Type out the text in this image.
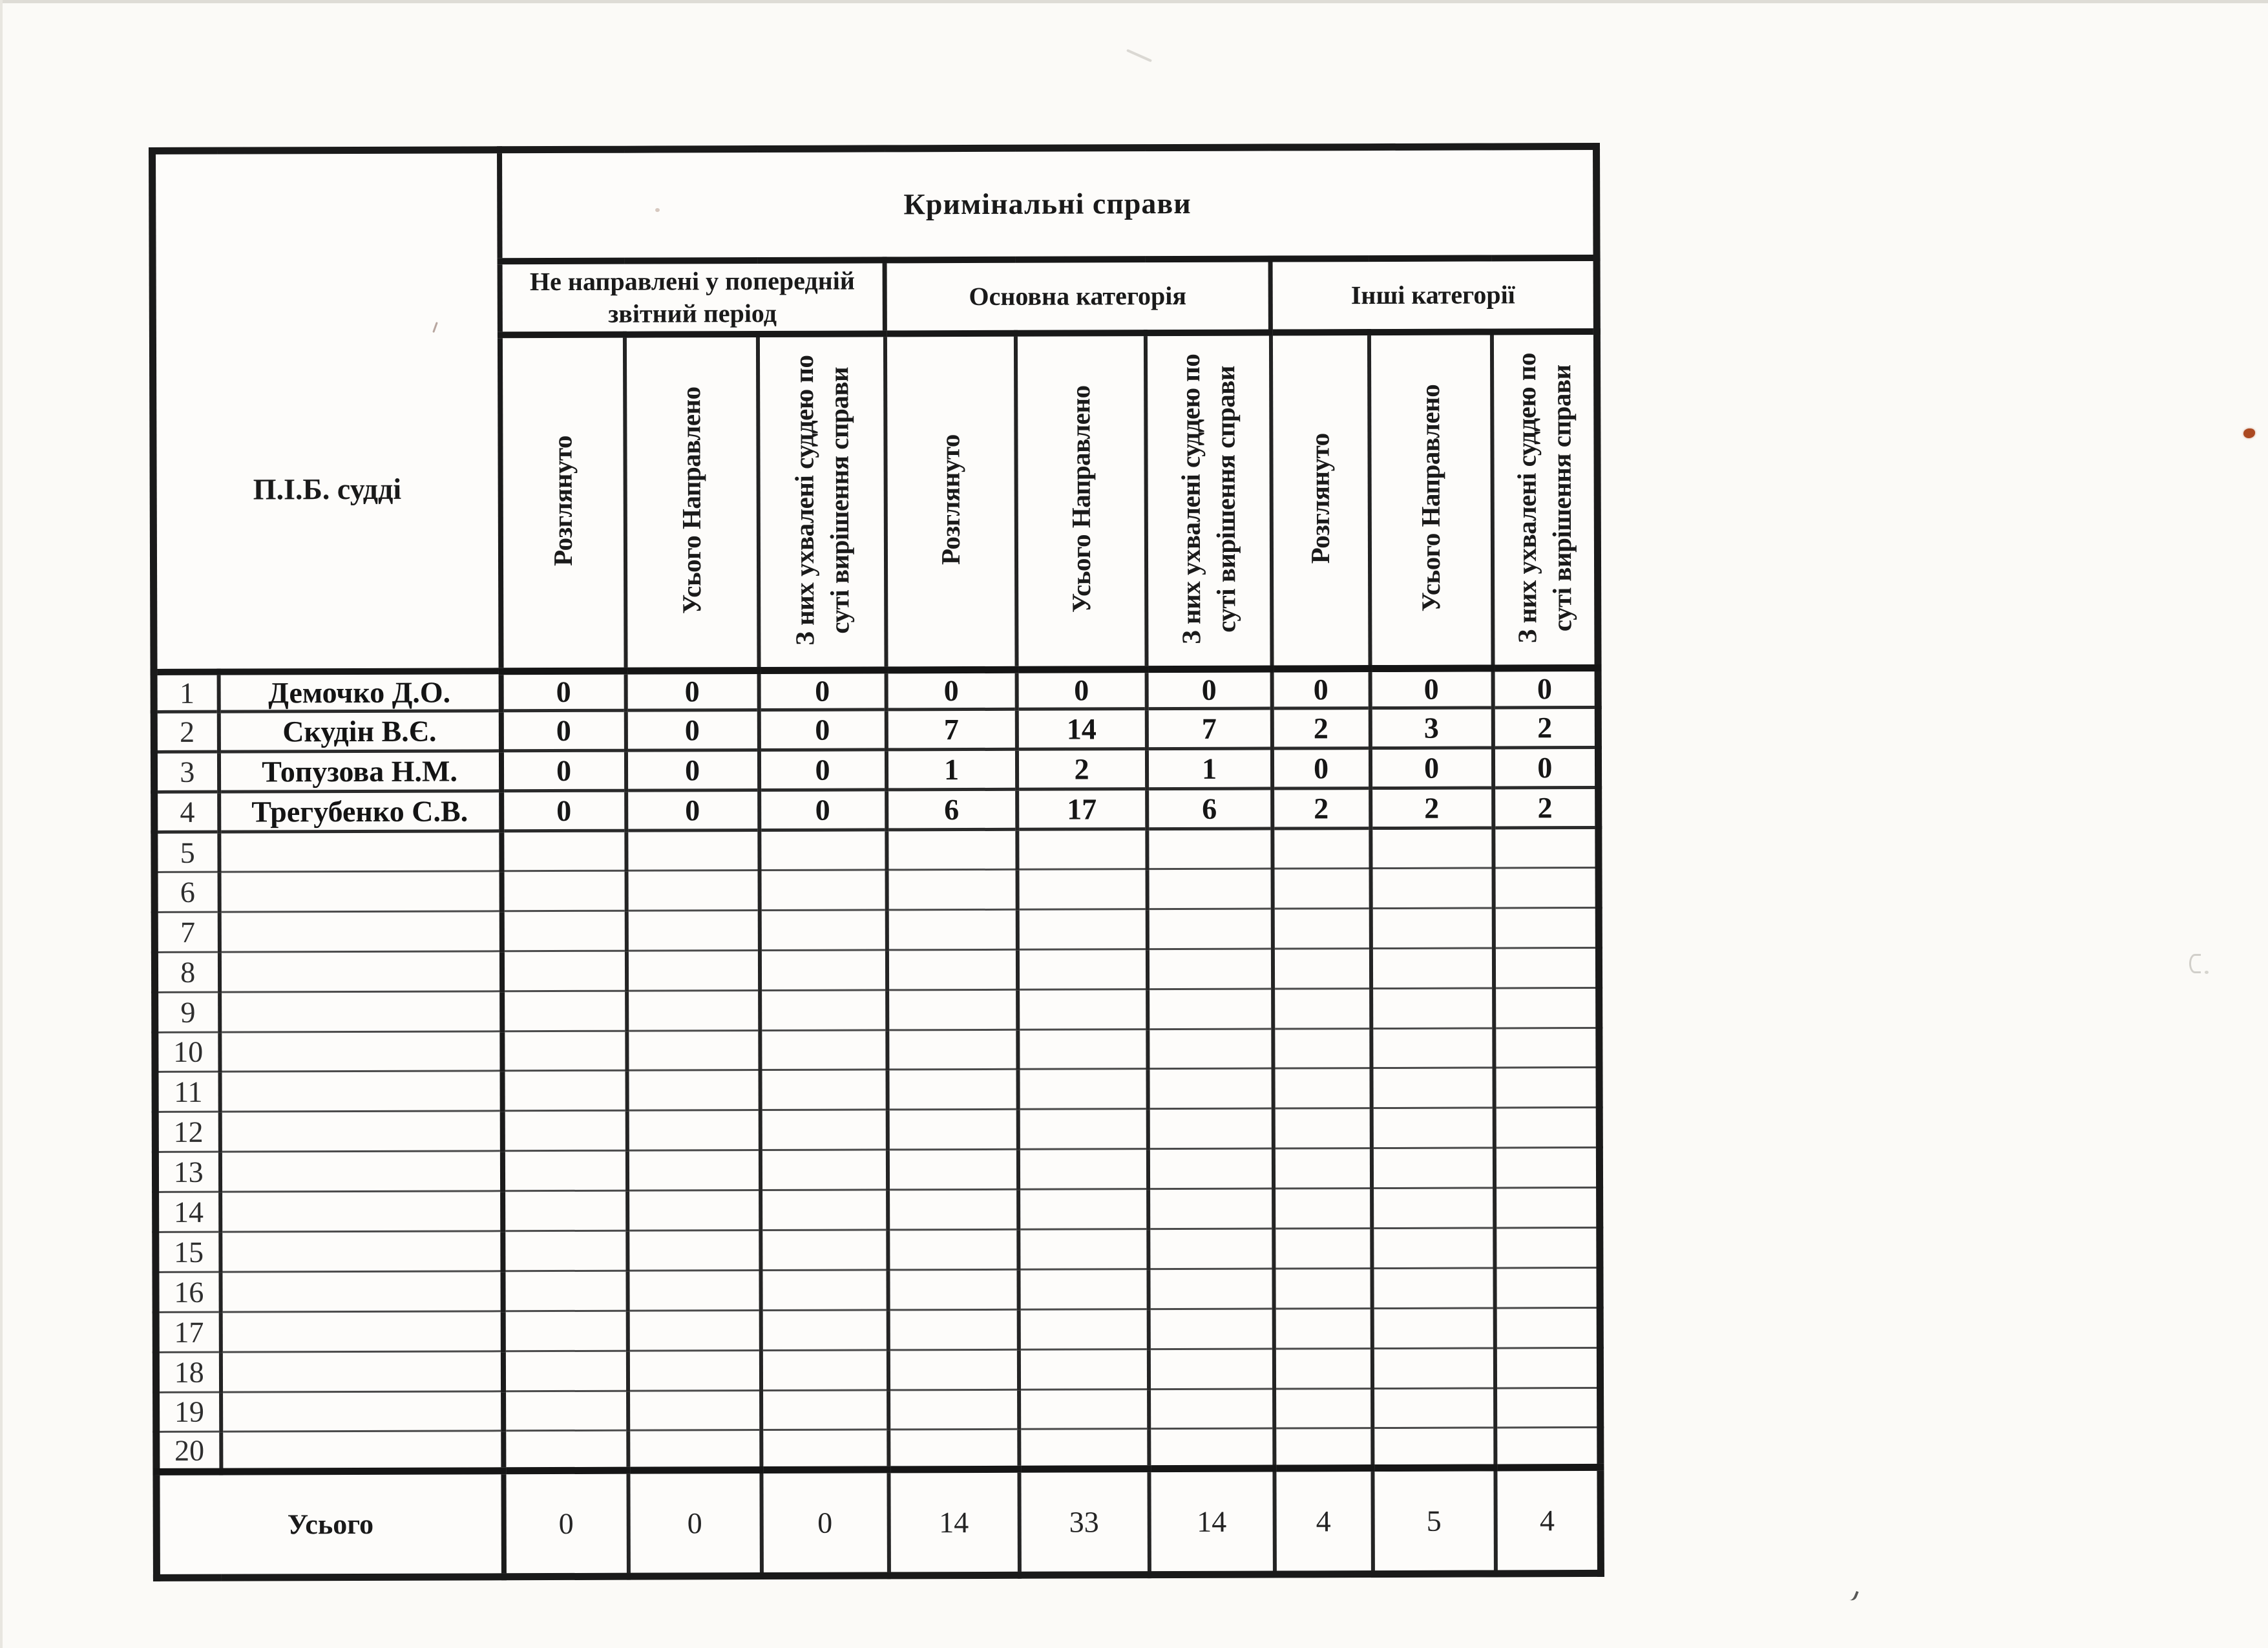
П.І.Б. судді		Кримінальні справи								
		Не направлені у попередній звітний період			Основна категорія			Інші категорії		
		Розглянуто	Усього Направлено	З них ухвалені суддею по суті вирішення справи	Розглянуто	Усього Направлено	З них ухвалені суддею по суті вирішення справи	Розглянуто	Усього Направлено	З них ухвалені суддею по суті вирішення справи
1	Демочко Д.О.	0	0	0	0	0	0	0	0	0
2	Скудін В.Є.	0	0	0	7	14	7	2	3	2
3	Топузова Н.М.	0	0	0	1	2	1	0	0	0
4	Трегубенко С.В.	0	0	0	6	17	6	2	2	2
5										
6										
7										
8										
9										
10										
11										
12										
13										
14										
15										
16										
17										
18										
19										
20										
Усього		0	0	0	14	33	14	4	5	4
